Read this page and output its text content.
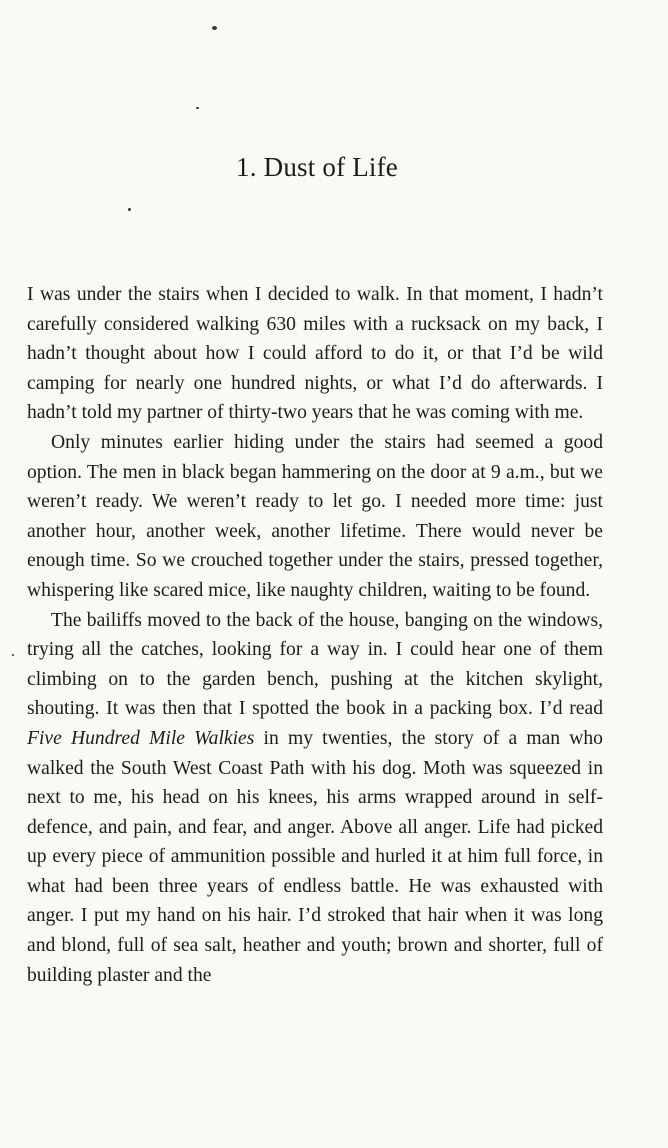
1. Dust of Life

I was under the stairs when I decided to walk. In that moment, I hadn’t carefully considered walking 630 miles with a rucksack on my back, I hadn’t thought about how I could afford to do it, or that I’d be wild camping for nearly one hundred nights, or what I’d do afterwards. I hadn’t told my partner of thirty-two years that he was coming with me.

Only minutes earlier hiding under the stairs had seemed a good option. The men in black began hammering on the door at 9 a.m., but we weren’t ready. We weren’t ready to let go. I needed more time: just another hour, another week, another lifetime. There would never be enough time. So we crouched together under the stairs, pressed together, whispering like scared mice, like naughty children, waiting to be found.

The bailiffs moved to the back of the house, banging on the windows, trying all the catches, looking for a way in. I could hear one of them climbing on to the garden bench, pushing at the kitchen skylight, shouting. It was then that I spotted the book in a packing box. I’d read Five Hundred Mile Walkies in my twenties, the story of a man who walked the South West Coast Path with his dog. Moth was squeezed in next to me, his head on his knees, his arms wrapped around in self-defence, and pain, and fear, and anger. Above all anger. Life had picked up every piece of ammunition possible and hurled it at him full force, in what had been three years of endless battle. He was exhausted with anger. I put my hand on his hair. I’d stroked that hair when it was long and blond, full of sea salt, heather and youth; brown and shorter, full of building plaster and the
